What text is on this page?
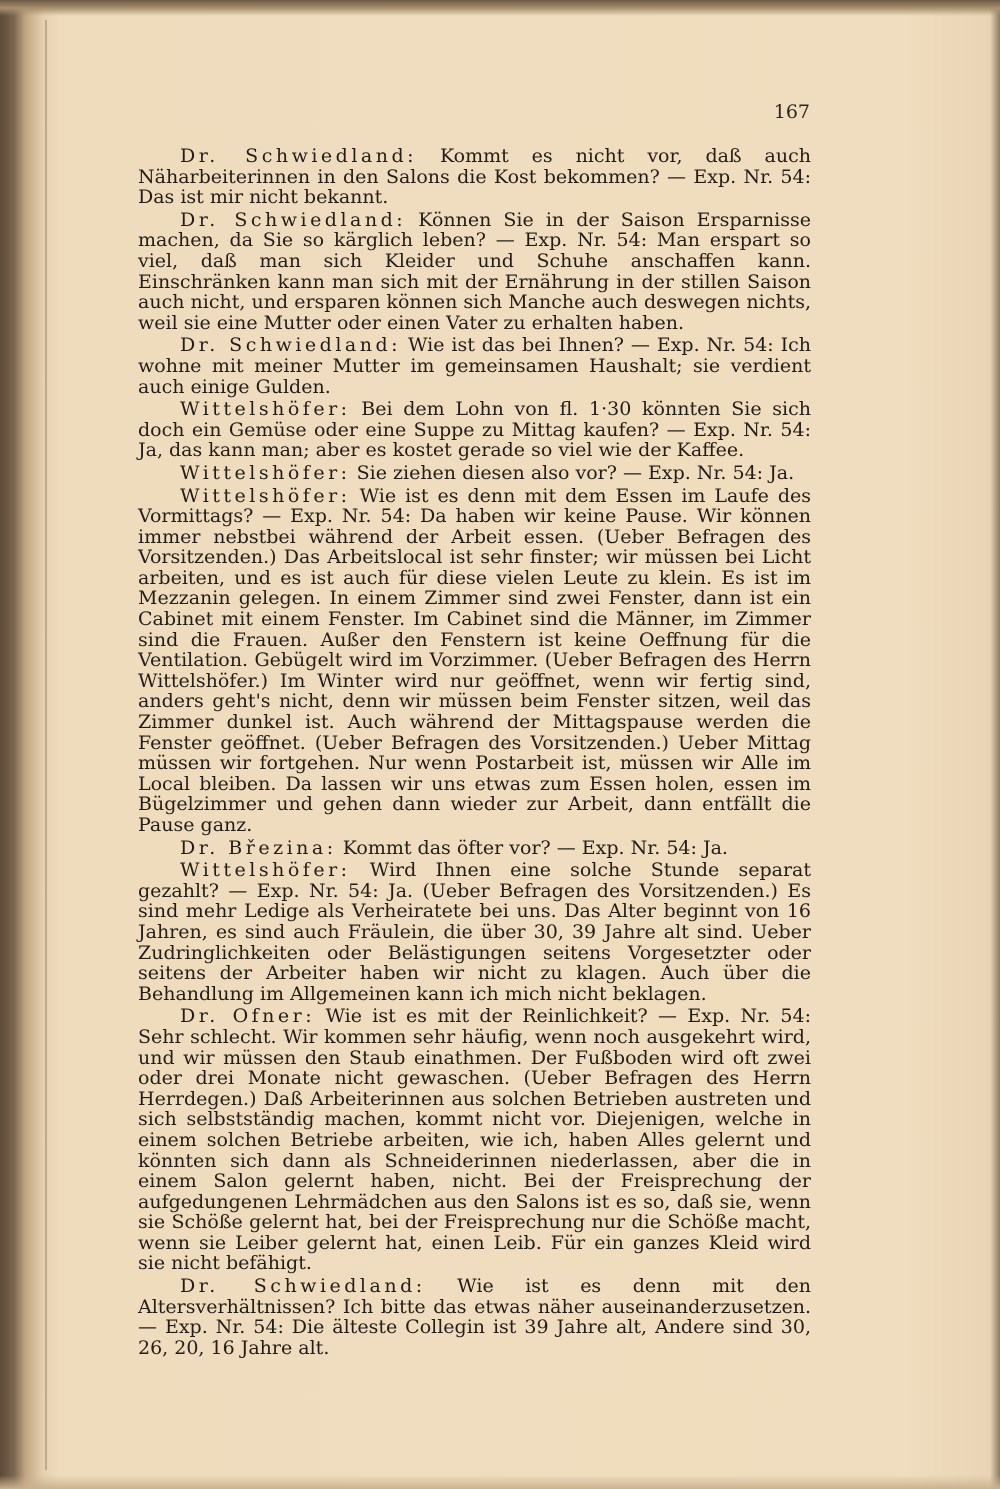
167

Dr. Schwiedland: Kommt es nicht vor, daß auch Näharbeiterinnen in den Salons die Kost bekommen? — Exp. Nr. 54: Das ist mir nicht bekannt.

Dr. Schwiedland: Können Sie in der Saison Ersparnisse machen, da Sie so kärglich leben? — Exp. Nr. 54: Man erspart so viel, daß man sich Kleider und Schuhe anschaffen kann. Einschränken kann man sich mit der Ernährung in der stillen Saison auch nicht, und ersparen können sich Manche auch deswegen nichts, weil sie eine Mutter oder einen Vater zu erhalten haben.

Dr. Schwiedland: Wie ist das bei Ihnen? — Exp. Nr. 54: Ich wohne mit meiner Mutter im gemeinsamen Haushalt; sie verdient auch einige Gulden.

Wittelshöfer: Bei dem Lohn von fl. 1·30 könnten Sie sich doch ein Gemüse oder eine Suppe zu Mittag kaufen? — Exp. Nr. 54: Ja, das kann man; aber es kostet gerade so viel wie der Kaffee.

Wittelshöfer: Sie ziehen diesen also vor? — Exp. Nr. 54: Ja.

Wittelshöfer: Wie ist es denn mit dem Essen im Laufe des Vormittags? — Exp. Nr. 54: Da haben wir keine Pause. Wir können immer nebstbei während der Arbeit essen. (Ueber Befragen des Vorsitzenden.) Das Arbeitslocal ist sehr finster; wir müssen bei Licht arbeiten, und es ist auch für diese vielen Leute zu klein. Es ist im Mezzanin gelegen. In einem Zimmer sind zwei Fenster, dann ist ein Cabinet mit einem Fenster. Im Cabinet sind die Männer, im Zimmer sind die Frauen. Außer den Fenstern ist keine Oeffnung für die Ventilation. Gebügelt wird im Vorzimmer. (Ueber Befragen des Herrn Wittelshöfer.) Im Winter wird nur geöffnet, wenn wir fertig sind, anders geht's nicht, denn wir müssen beim Fenster sitzen, weil das Zimmer dunkel ist. Auch während der Mittagspause werden die Fenster geöffnet. (Ueber Befragen des Vorsitzenden.) Ueber Mittag müssen wir fortgehen. Nur wenn Postarbeit ist, müssen wir Alle im Local bleiben. Da lassen wir uns etwas zum Essen holen, essen im Bügelzimmer und gehen dann wieder zur Arbeit, dann entfällt die Pause ganz.

Dr. Březina: Kommt das öfter vor? — Exp. Nr. 54: Ja.

Wittelshöfer: Wird Ihnen eine solche Stunde separat gezahlt? — Exp. Nr. 54: Ja. (Ueber Befragen des Vorsitzenden.) Es sind mehr Ledige als Verheiratete bei uns. Das Alter beginnt von 16 Jahren, es sind auch Fräulein, die über 30, 39 Jahre alt sind. Ueber Zudringlichkeiten oder Belästigungen seitens Vorgesetzter oder seitens der Arbeiter haben wir nicht zu klagen. Auch über die Behandlung im Allgemeinen kann ich mich nicht beklagen.

Dr. Ofner: Wie ist es mit der Reinlichkeit? — Exp. Nr. 54: Sehr schlecht. Wir kommen sehr häufig, wenn noch ausgekehrt wird, und wir müssen den Staub einathmen. Der Fußboden wird oft zwei oder drei Monate nicht gewaschen. (Ueber Befragen des Herrn Herrdegen.) Daß Arbeiterinnen aus solchen Betrieben austreten und sich selbstständig machen, kommt nicht vor. Diejenigen, welche in einem solchen Betriebe arbeiten, wie ich, haben Alles gelernt und könnten sich dann als Schneiderinnen niederlassen, aber die in einem Salon gelernt haben, nicht. Bei der Freisprechung der aufgedungenen Lehrmädchen aus den Salons ist es so, daß sie, wenn sie Schöße gelernt hat, bei der Freisprechung nur die Schöße macht, wenn sie Leiber gelernt hat, einen Leib. Für ein ganzes Kleid wird sie nicht befähigt.

Dr. Schwiedland: Wie ist es denn mit den Altersverhältnissen? Ich bitte das etwas näher auseinanderzusetzen. — Exp. Nr. 54: Die älteste Collegin ist 39 Jahre alt, Andere sind 30, 26, 20, 16 Jahre alt.
